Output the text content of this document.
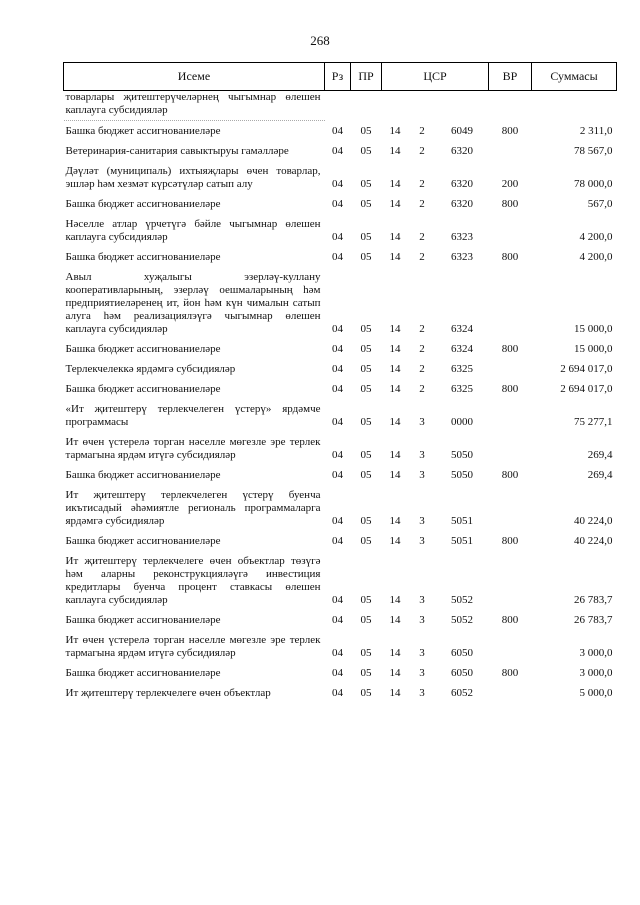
268
Исеме	Рз	ПР	ЦСР			ВР	Суммасы
товарлары җитештерүчеләрнең чыгымнар өлешен каплауга субсидияләр							
Башка бюджет ассигнованиеләре	04	05	14	2	6049	800	2 311,0
Ветеринария-санитария савыктыруы гамәлләре	04	05	14	2	6320		78 567,0
Дәүләт (муниципаль) ихтыяҗлары өчен товарлар, эшләр һәм хезмәт күрсәтүләр сатып алу	04	05	14	2	6320	200	78 000,0
Башка бюджет ассигнованиеләре	04	05	14	2	6320	800	567,0
Нәселле атлар үрчетүгә бәйле чыгымнар өлешен каплауга субсидияләр	04	05	14	2	6323		4 200,0
Башка бюджет ассигнованиеләре	04	05	14	2	6323	800	4 200,0
Авыл хуҗалыгы эзерләү-куллану кооперативларының, эзерләү оешмаларының һәм предприятиеләренең ит, йон һәм күн чималын сатып алуга һәм реализациялэүгә чыгымнар өлешен каплауга субсидияләр	04	05	14	2	6324		15 000,0
Башка бюджет ассигнованиеләре	04	05	14	2	6324	800	15 000,0
Терлекчелеккә ярдәмгә субсидияләр	04	05	14	2	6325		2 694 017,0
Башка бюджет ассигнованиеләре	04	05	14	2	6325	800	2 694 017,0
«Ит җитештерү терлекчелеген үстерү» ярдәмче программасы	04	05	14	3	0000		75 277,1
Ит өчен үстерелә торган нәселле мөгезле эре терлек тармагына ярдәм итүгә субсидияләр	04	05	14	3	5050		269,4
Башка бюджет ассигнованиеләре	04	05	14	3	5050	800	269,4
Ит җитештерү терлекчелеген үстерү буенча икътисадый әһәмиятле региональ программаларга ярдәмгә субсидияләр	04	05	14	3	5051		40 224,0
Башка бюджет ассигнованиеләре	04	05	14	3	5051	800	40 224,0
Ит җитештерү терлекчелеге өчен объектлар төзүгә һәм аларны реконструкцияләүгә инвестиция кредитлары буенча процент ставкасы өлешен каплауга субсидияләр	04	05	14	3	5052		26 783,7
Башка бюджет ассигнованиеләре	04	05	14	3	5052	800	26 783,7
Ит өчен үстерелә торган нәселле мөгезле эре терлек тармагына ярдәм итүгә субсидияләр	04	05	14	3	6050		3 000,0
Башка бюджет ассигнованиеләре	04	05	14	3	6050	800	3 000,0
Ит җитештерү терлекчелеге өчен объектлар	04	05	14	3	6052		5 000,0
